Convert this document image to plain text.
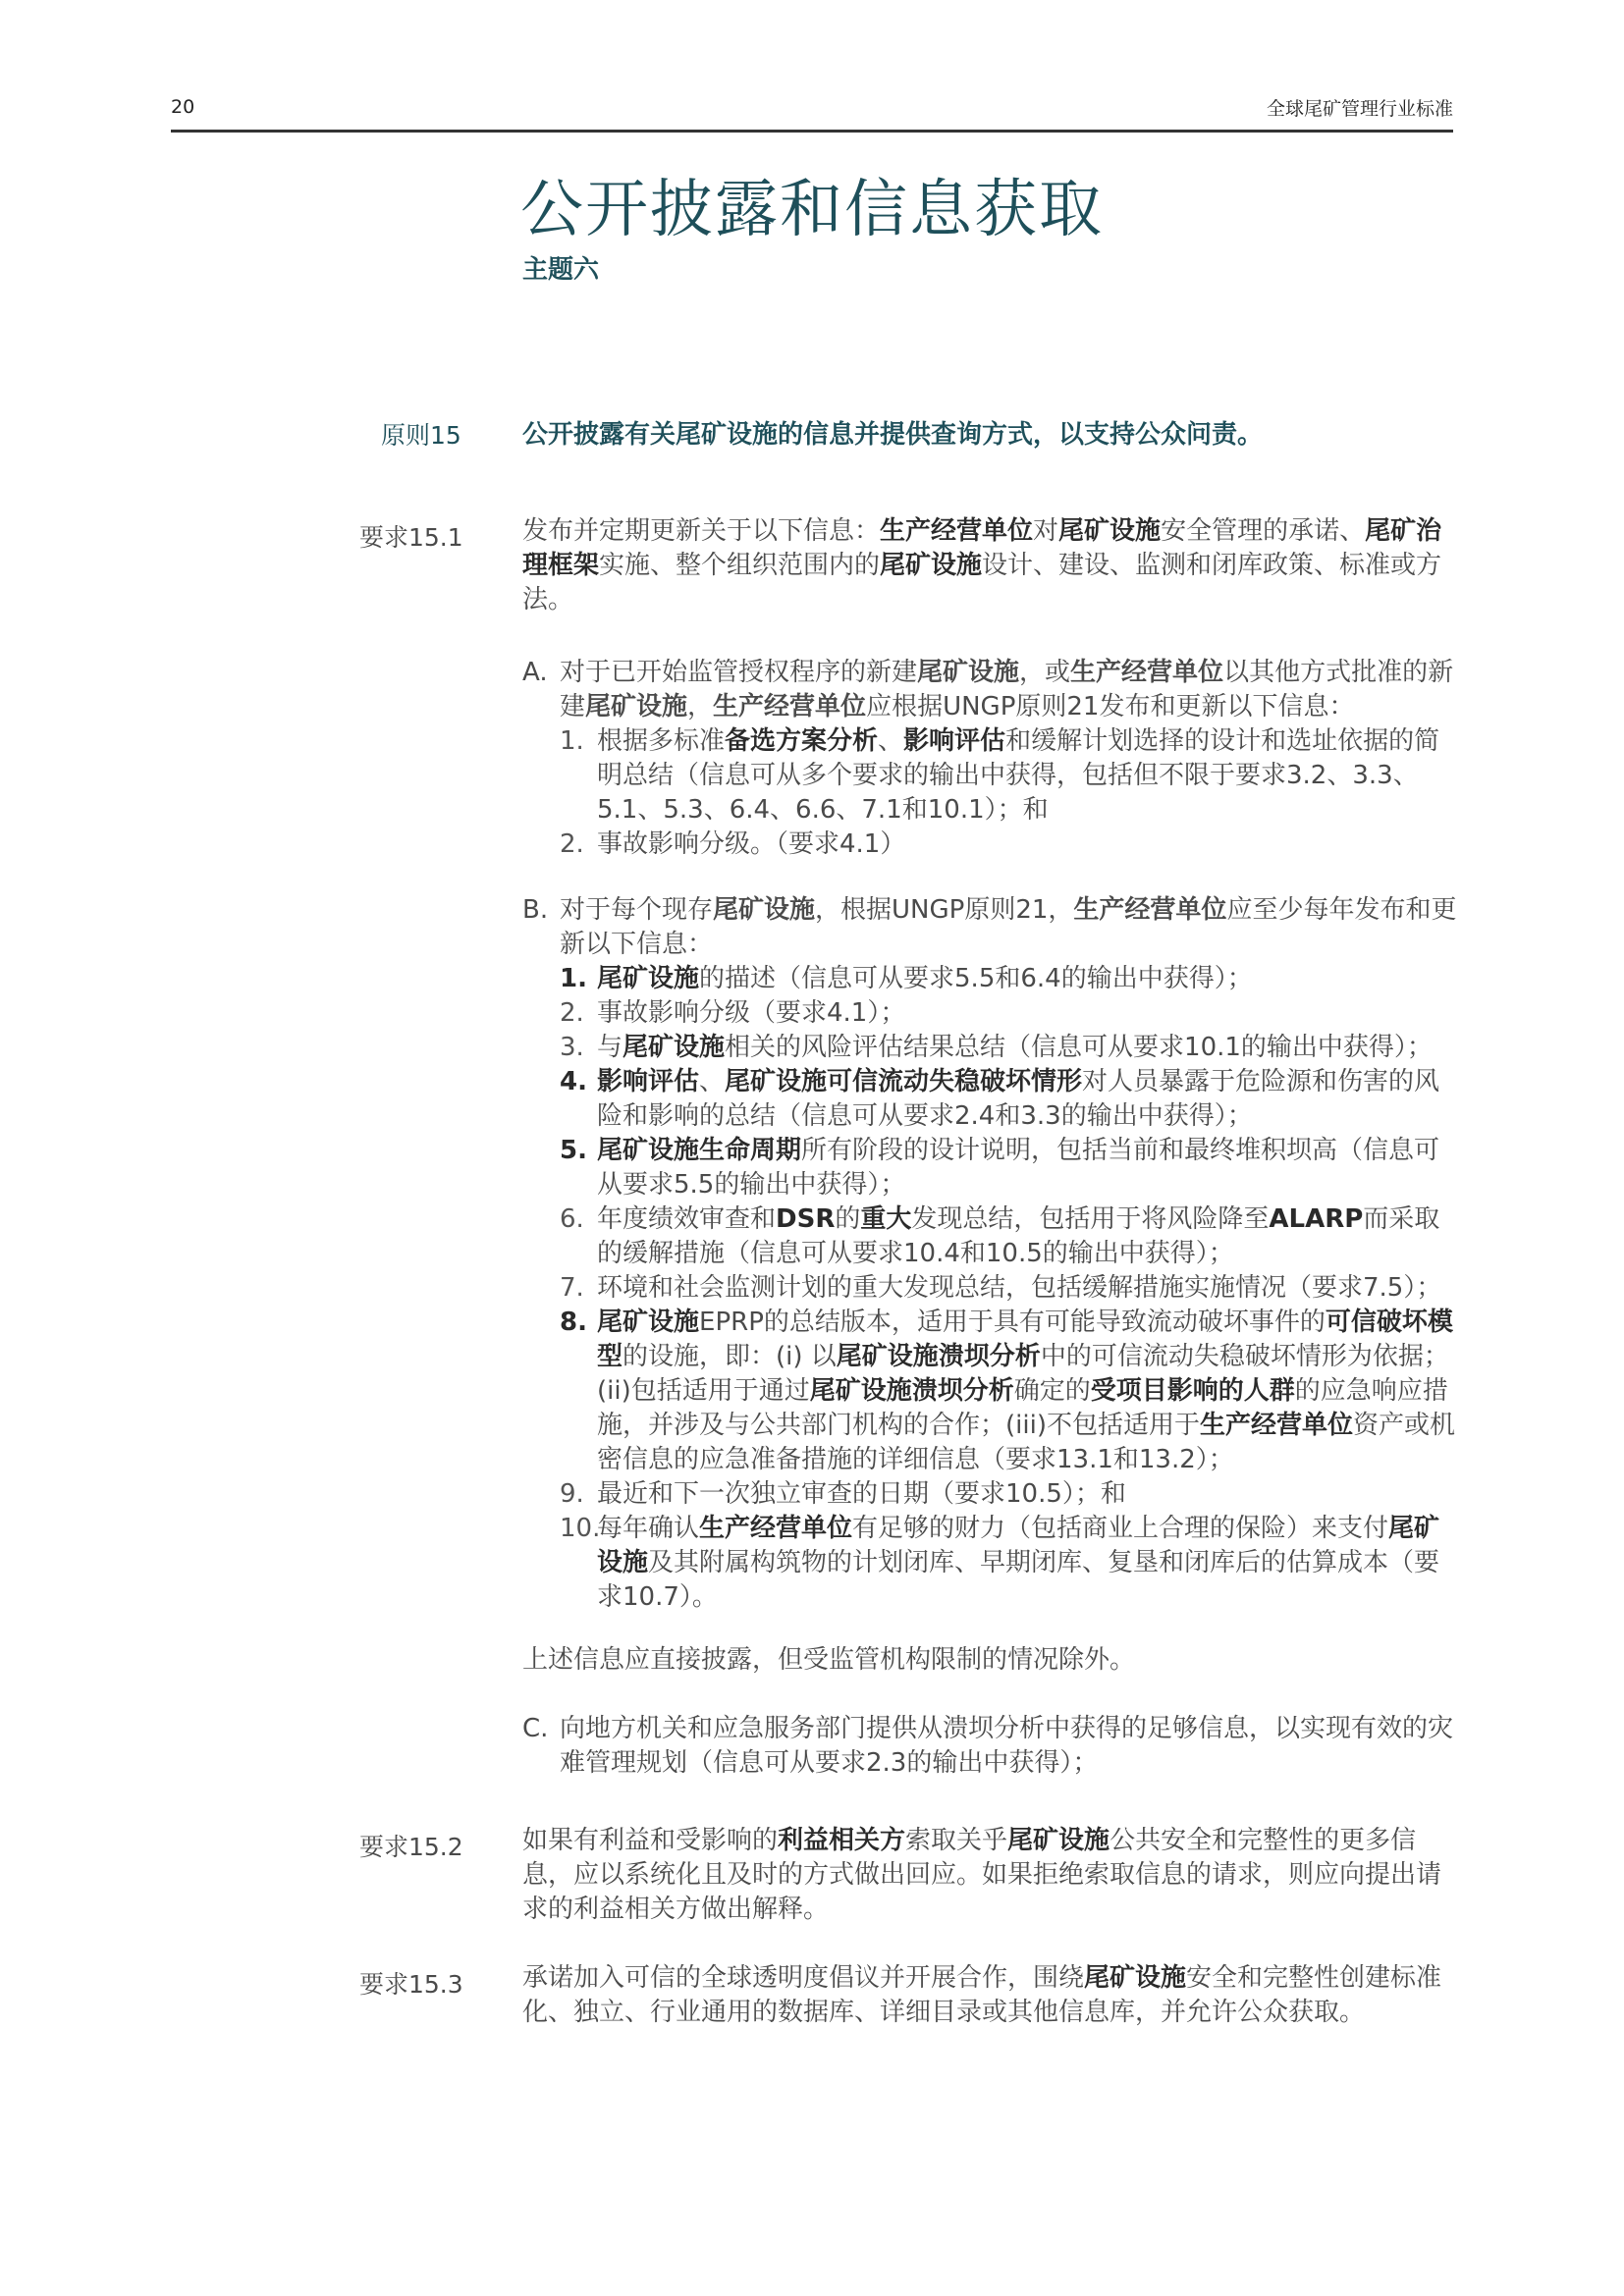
20	全球尾矿管理行业标准
公开披露和信息获取
主题六
原则15 公开披露有关尾矿设施的信息并提供查询方式，以支持公众问责。
要求15.1 发布并定期更新关于以下信息：生产经营单位对尾矿设施安全管理的承诺、尾矿治理框架实施、整个组织范围内的尾矿设施设计、建设、监测和闭库政策、标准或方法。
A. 对于已开始监管授权程序的新建尾矿设施，或生产经营单位以其他方式批准的新建尾矿设施，生产经营单位应根据UNGP原则21发布和更新以下信息：
1. 根据多标准备选方案分析、影响评估和缓解计划选择的设计和选址依据的简明总结（信息可从多个要求的输出中获得，包括但不限于要求3.2、3.3、5.1、5.3、6.4、6.6、7.1和10.1）；和
2. 事故影响分级。（要求4.1）
B. 对于每个现存尾矿设施，根据UNGP原则21，生产经营单位应至少每年发布和更新以下信息：
1. 尾矿设施的描述（信息可从要求5.5和6.4的输出中获得）；
2. 事故影响分级（要求4.1）；
3. 与尾矿设施相关的风险评估结果总结（信息可从要求10.1的输出中获得）；
4. 影响评估、尾矿设施可信流动失稳破坏情形对人员暴露于危险源和伤害的风险和影响的总结（信息可从要求2.4和3.3的输出中获得）；
5. 尾矿设施生命周期所有阶段的设计说明，包括当前和最终堆积坝高（信息可从要求5.5的输出中获得）；
6. 年度绩效审查和DSR的重大发现总结，包括用于将风险降至ALARP而采取的缓解措施（信息可从要求10.4和10.5的输出中获得）；
7. 环境和社会监测计划的重大发现总结，包括缓解措施实施情况（要求7.5）；
8. 尾矿设施EPRP的总结版本，适用于具有可能导致流动破坏事件的可信破坏模型的设施，即：(i) 以尾矿设施溃坝分析中的可信流动失稳破坏情形为依据；(ii)包括适用于通过尾矿设施溃坝分析确定的受项目影响的人群的应急响应措施，并涉及与公共部门机构的合作；(iii)不包括适用于生产经营单位资产或机密信息的应急准备措施的详细信息（要求13.1和13.2）；
9. 最近和下一次独立审查的日期（要求10.5）；和
10.
每年确认生产经营单位有足够的财力（包括商业上合理的保险）来支付尾矿设施及其附属构筑物的计划闭库、早期闭库、复垦和闭库后的估算成本（要求10.7）。
上述信息应直接披露，但受监管机构限制的情况除外。
C. 向地方机关和应急服务部门提供从溃坝分析中获得的足够信息，以实现有效的灾难管理规划（信息可从要求2.3的输出中获得）；
要求15.2 如果有利益和受影响的利益相关方索取关乎尾矿设施公共安全和完整性的更多信息，应以系统化且及时的方式做出回应。如果拒绝索取信息的请求，则应向提出请求的利益相关方做出解释。
要求15.3 承诺加入可信的全球透明度倡议并开展合作，围绕尾矿设施安全和完整性创建标准化、独立、行业通用的数据库、详细目录或其他信息库，并允许公众获取。
